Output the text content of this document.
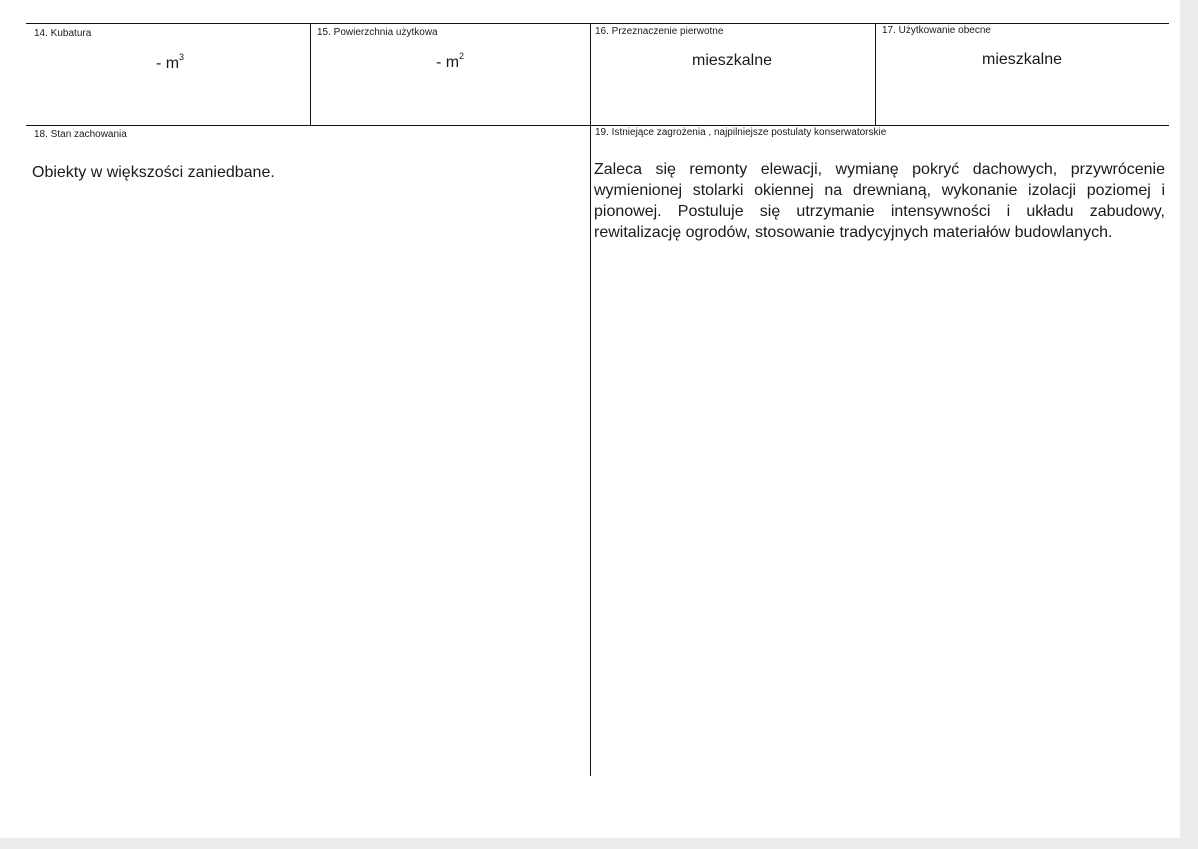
14. Kubatura	15. Powierzchnia użytkowa	16. Przeznaczenie pierwotne	17. Użytkowanie obecne
- $m^3$	- $m^2$	mieszkalne	mieszkalne
18. Stan zachowania
Obiekty w większości zaniedbane.
19. Istniejące zagrożenia , najpilniejsze postulaty konserwatorskie
Zaleca się remonty elewacji, wymianę pokryć dachowych, przywrócenie wymienionej stolarki okiennej na drewnianą, wykonanie izolacji poziomej i pionowej. Postuluje się utrzymanie intensywności i układu zabudowy, rewitalizację ogrodów, stosowanie tradycyjnych materiałów budowlanych.
